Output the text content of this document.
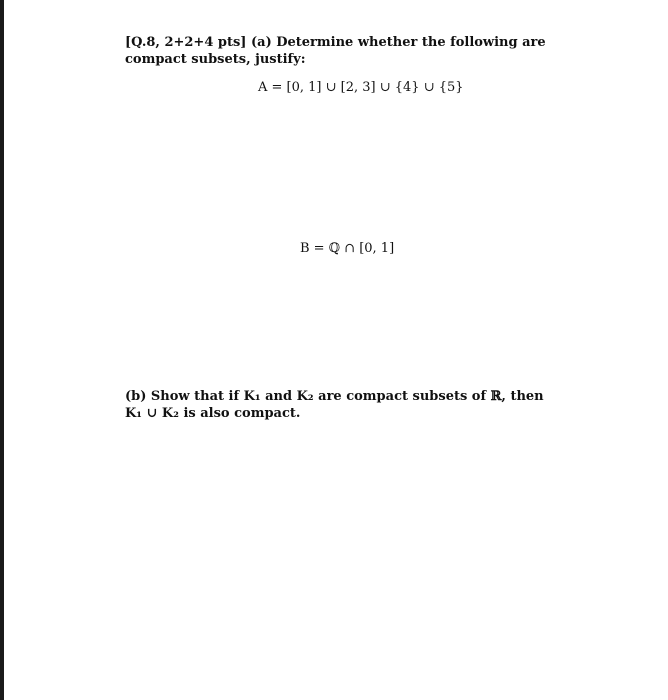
[Q.8, 2+2+4 pts] (a) Determine whether the following are compact subsets, justify:
A = [0, 1] ∪ [2, 3] ∪ {4} ∪ {5}
B = ℚ ∩ [0, 1]
(b) Show that if K₁ and K₂ are compact subsets of ℝ, then K₁ ∪ K₂ is also compact.
